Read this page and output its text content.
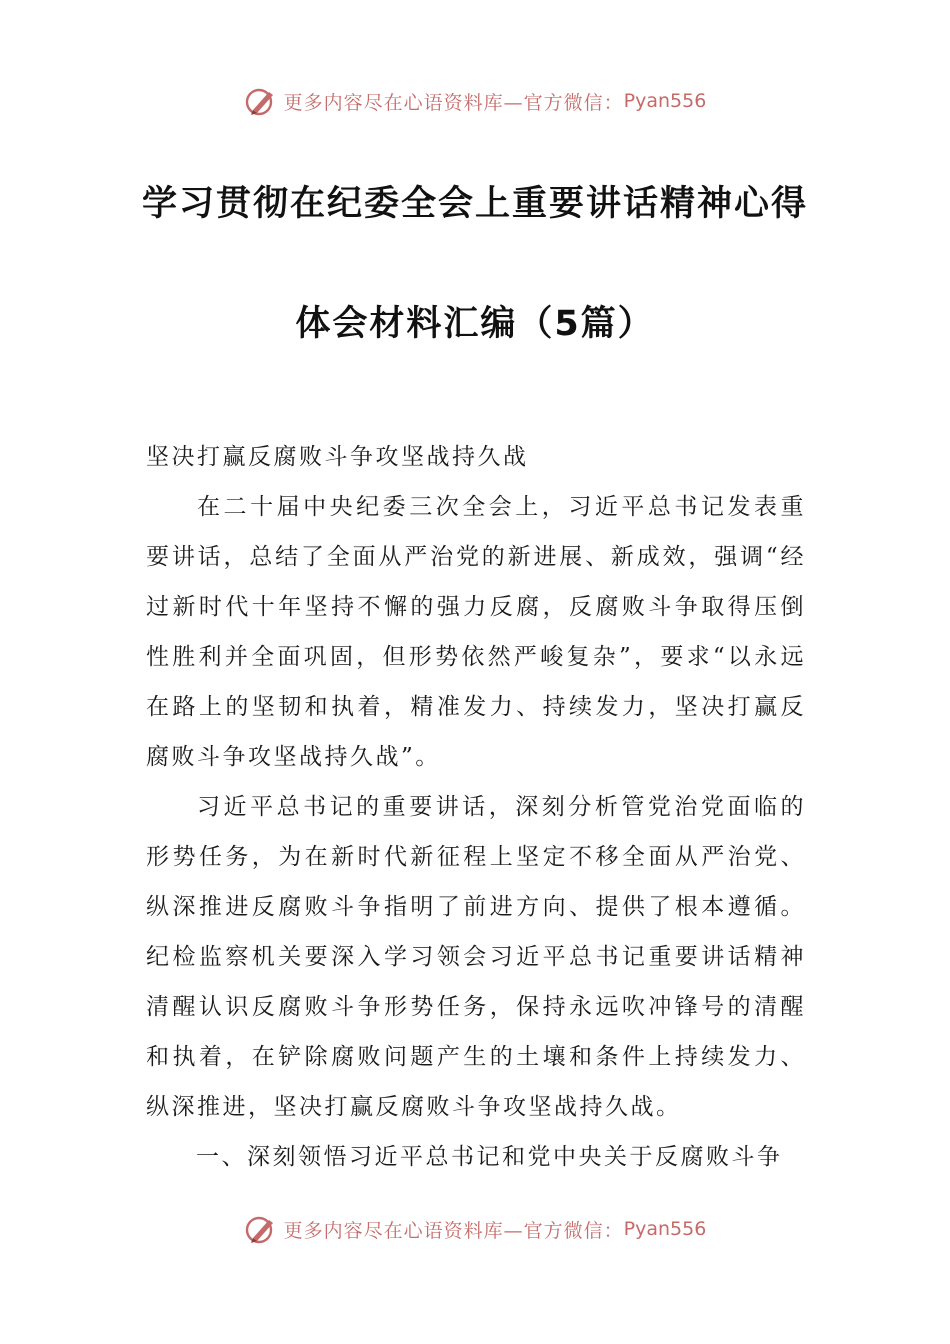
更多内容尽在心语资料库—官方微信： Pyan556
学习贯彻在纪委全会上重要讲话精神心得
体会材料汇编（5篇）

坚决打赢反腐败斗争攻坚战持久战

在二十届中央纪委三次全会上，习近平总书记发表重要讲话，总结了全面从严治党的新进展、新成效，强调“经过新时代十年坚持不懈的强力反腐，反腐败斗争取得压倒性胜利并全面巩固，但形势依然严峻复杂”，要求“以永远在路上的坚韧和执着，精准发力、持续发力，坚决打赢反腐败斗争攻坚战持久战”。

习近平总书记的重要讲话，深刻分析管党治党面临的形势任务，为在新时代新征程上坚定不移全面从严治党、纵深推进反腐败斗争指明了前进方向、提供了根本遵循。纪检监察机关要深入学习领会习近平总书记重要讲话精神清醒认识反腐败斗争形势任务，保持永远吹冲锋号的清醒和执着，在铲除腐败问题产生的土壤和条件上持续发力、纵深推进，坚决打赢反腐败斗争攻坚战持久战。

一、深刻领悟习近平总书记和党中央关于反腐败斗争

更多内容尽在心语资料库—官方微信： Pyan556
